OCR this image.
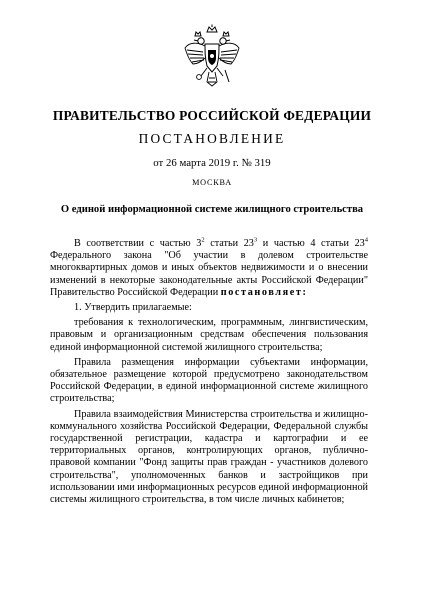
ПРАВИТЕЛЬСТВО РОССИЙСКОЙ ФЕДЕРАЦИИ
ПОСТАНОВЛЕНИЕ
от 26 марта 2019 г. № 319
МОСКВА
О единой информационной системе жилищного строительства

В соответствии с частью $3^2$ статьи $23^3$ и частью 4 статьи $23^4$ Федерального закона "Об участии в долевом строительстве многоквартирных домов и иных объектов недвижимости и о внесении изменений в некоторые законодательные акты Российской Федерации" Правительство Российской Федерации постановляет:

1. Утвердить прилагаемые:

требования к технологическим, программным, лингвистическим, правовым и организационным средствам обеспечения пользования единой информационной системой жилищного строительства;

Правила размещения информации субъектами информации, обязательное размещение которой предусмотрено законодательством Российской Федерации, в единой информационной системе жилищного строительства;

Правила взаимодействия Министерства строительства и жилищно-коммунального хозяйства Российской Федерации, Федеральной службы государственной регистрации, кадастра и картографии и ее территориальных органов, контролирующих органов, публично-правовой компании "Фонд защиты прав граждан - участников долевого строительства", уполномоченных банков и застройщиков при использовании ими информационных ресурсов единой информационной системы жилищного строительства, в том числе личных кабинетов;
